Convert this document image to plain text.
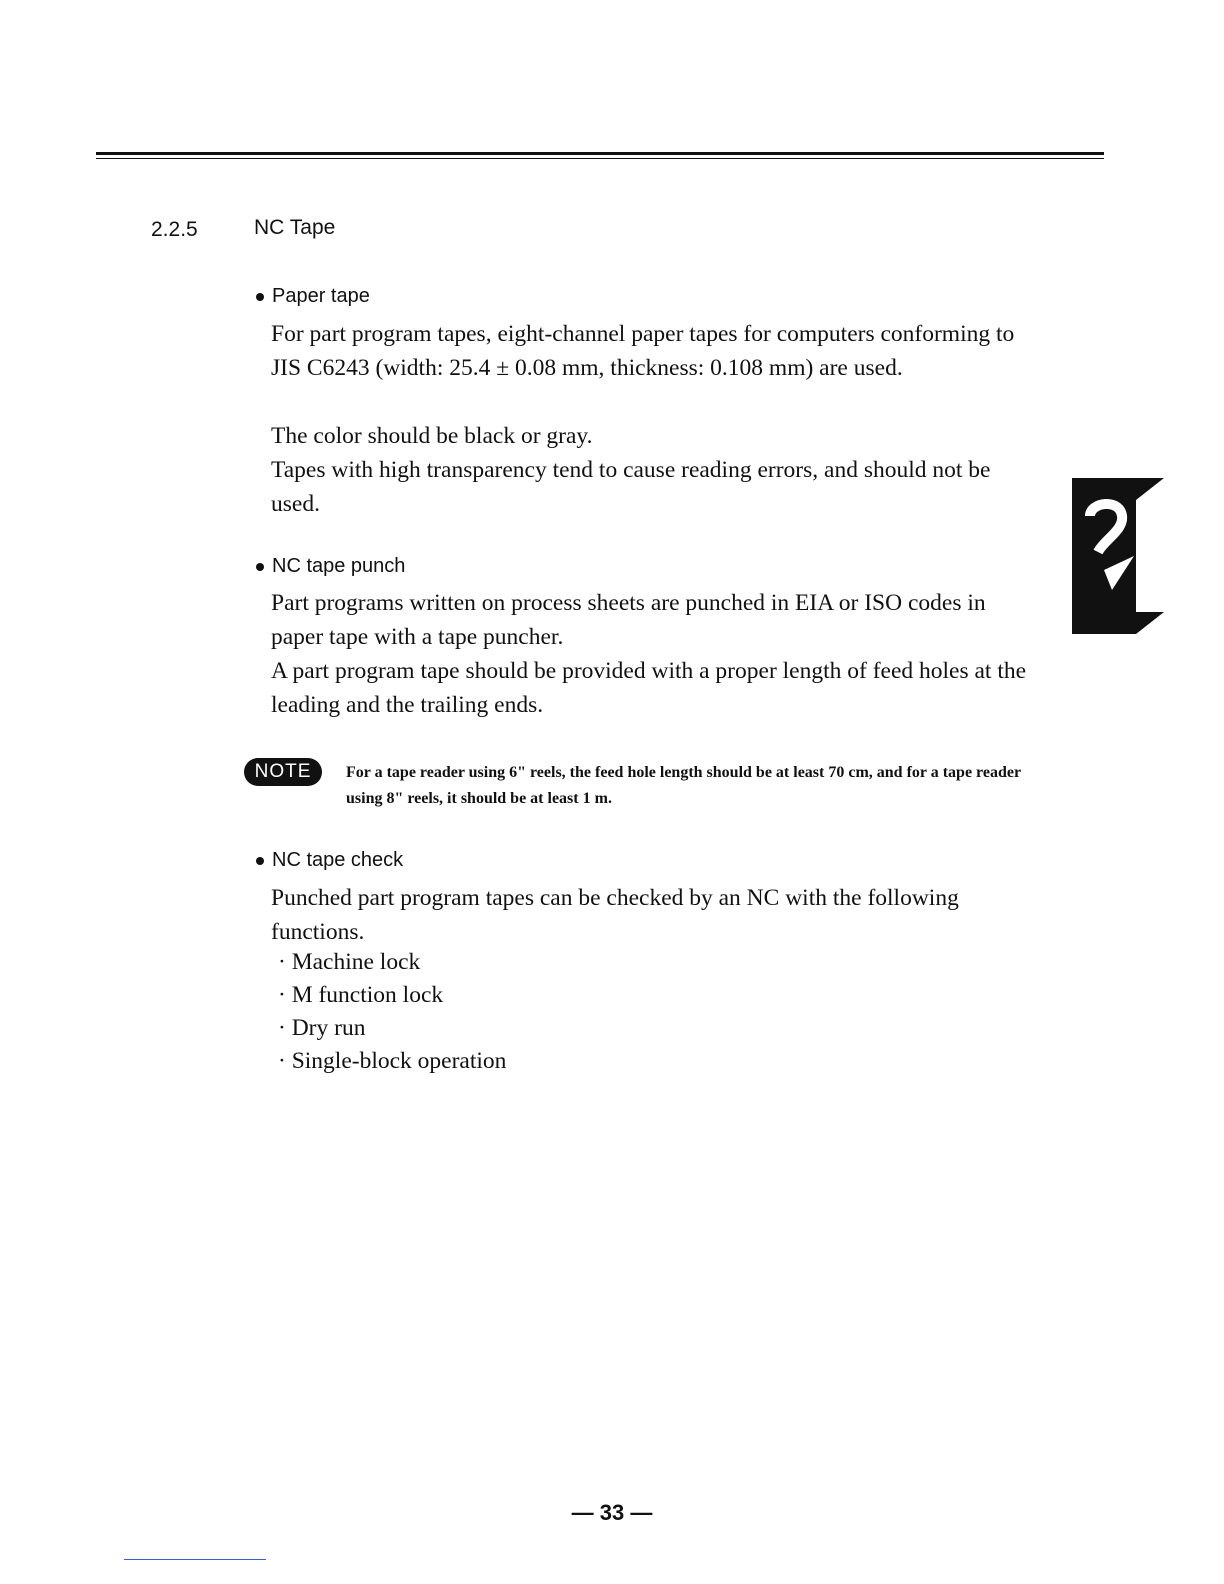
2.2.5	NC Tape
Paper tape

For part program tapes, eight-channel paper tapes for computers conforming to JIS C6243 (width: 25.4 ± 0.08 mm, thickness: 0.108 mm) are used.

The color should be black or gray.

Tapes with high transparency tend to cause reading errors, and should not be used.

NC tape punch

Part programs written on process sheets are punched in EIA or ISO codes in paper tape with a tape puncher.

A part program tape should be provided with a proper length of feed holes at the leading and the trailing ends.

NOTE	For a tape reader using 6" reels, the feed hole length should be at least 70 cm, and for a tape reader using 8" reels, it should be at least 1 m.

NC tape check

Punched part program tapes can be checked by an NC with the following functions.

· Machine lock
· M function lock
· Dry run
· Single-block operation
— 33 —
